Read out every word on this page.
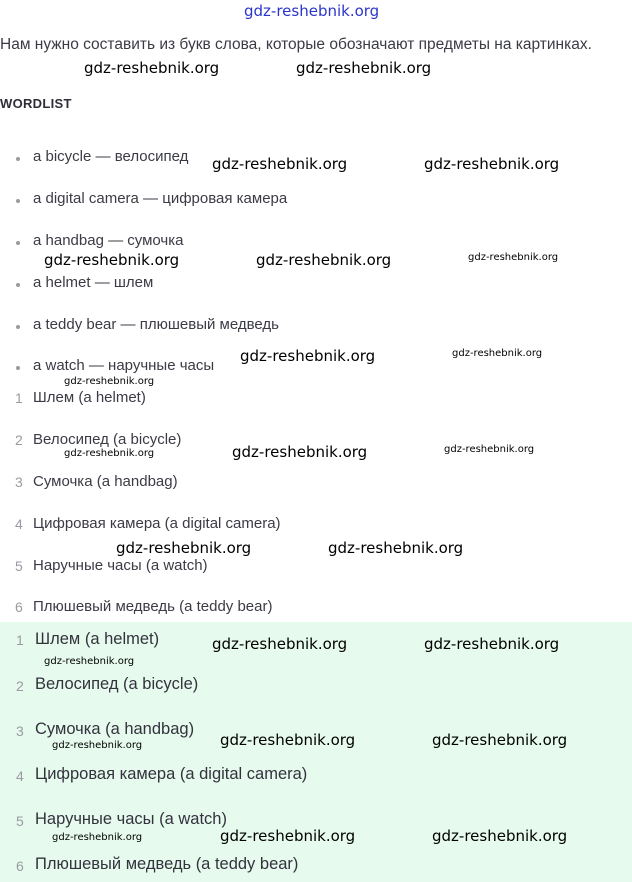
gdz-reshebnik.org
Нам нужно составить из букв слова, которые обозначают предметы на картинках.
WORDLIST
a bicycle — велосипед
a digital camera — цифровая камера
a handbag — сумочка
a helmet — шлем
a teddy bear — плюшевый медведь
a watch — наручные часы
1 Шлем (a helmet)
2 Велосипед (a bicycle)
3 Сумочка (a handbag)
4 Цифровая камера (a digital camera)
5 Наручные часы (a watch)
6 Плюшевый медведь (a teddy bear)
1 Шлем (a helmet)
2 Велосипед (a bicycle)
3 Сумочка (a handbag)
4 Цифровая камера (a digital camera)
5 Наручные часы (a watch)
6 Плюшевый медведь (a teddy bear)
gdz-reshebnik.org	gdz-reshebnik.org
gdz-reshebnik.org	gdz-reshebnik.org
gdz-reshebnik.org	gdz-reshebnik.org	gdz-reshebnik.org
gdz-reshebnik.org	gdz-reshebnik.org
gdz-reshebnik.org
gdz-reshebnik.org	gdz-reshebnik.org
gdz-reshebnik.org
gdz-reshebnik.org	gdz-reshebnik.org
gdz-reshebnik.org	gdz-reshebnik.org
gdz-reshebnik.org
gdz-reshebnik.org	gdz-reshebnik.org
gdz-reshebnik.org
gdz-reshebnik.org	gdz-reshebnik.org
gdz-reshebnik.org
